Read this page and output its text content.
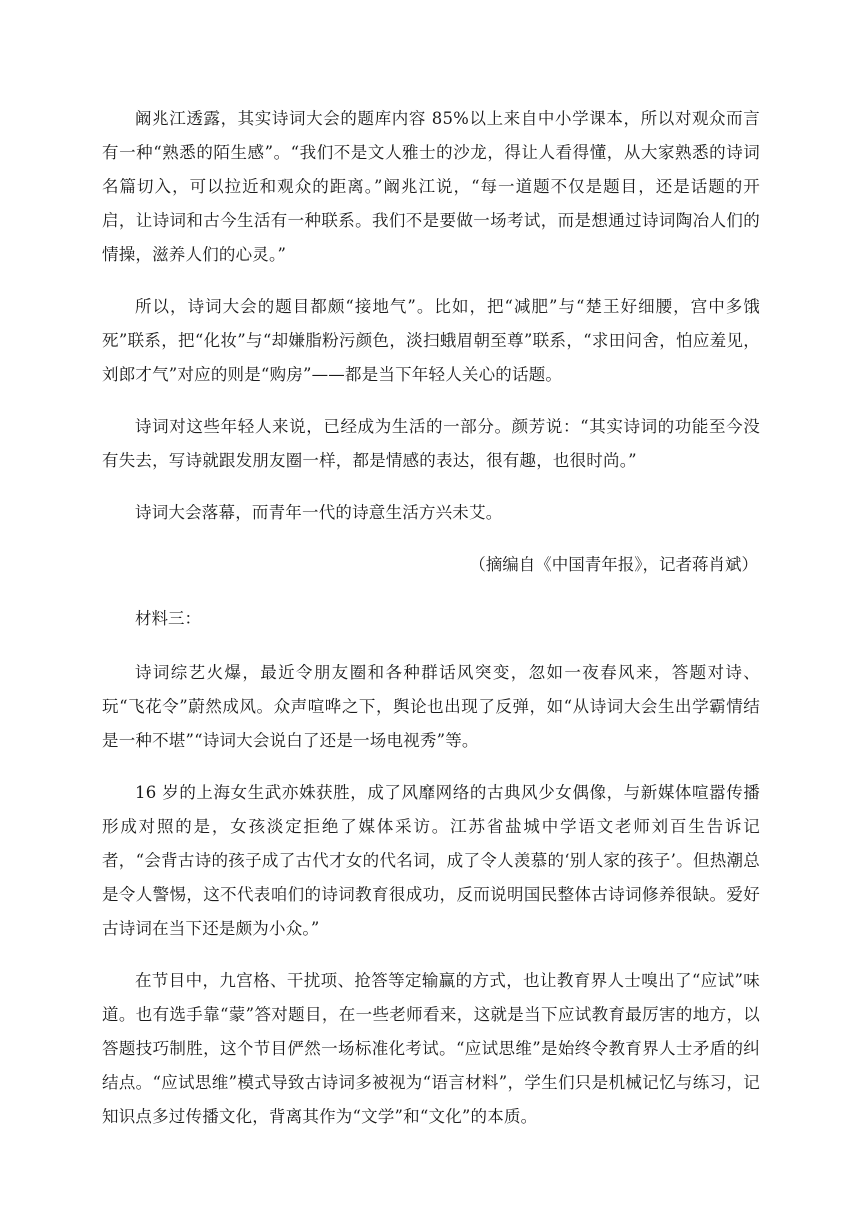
阚兆江透露，其实诗词大会的题库内容 85%以上来自中小学课本，所以对观众而言有一种“熟悉的陌生感”。“我们不是文人雅士的沙龙，得让人看得懂，从大家熟悉的诗词名篇切入，可以拉近和观众的距离。”阚兆江说，“每一道题不仅是题目，还是话题的开启，让诗词和古今生活有一种联系。我们不是要做一场考试，而是想通过诗词陶冶人们的情操，滋养人们的心灵。”

所以，诗词大会的题目都颇“接地气”。比如，把“减肥”与“楚王好细腰，宫中多饿死”联系，把“化妆”与“却嫌脂粉污颜色，淡扫蛾眉朝至尊”联系，“求田问舍，怕应羞见，刘郎才气”对应的则是“购房”——都是当下年轻人关心的话题。

诗词对这些年轻人来说，已经成为生活的一部分。颜芳说：“其实诗词的功能至今没有失去，写诗就跟发朋友圈一样，都是情感的表达，很有趣，也很时尚。”

诗词大会落幕，而青年一代的诗意生活方兴未艾。

（摘编自《中国青年报》，记者蒋肖斌）

材料三：

诗词综艺火爆，最近令朋友圈和各种群话风突变，忽如一夜春风来，答题对诗、玩“飞花令”蔚然成风。众声喧哗之下，舆论也出现了反弹，如“从诗词大会生出学霸情结是一种不堪”“诗词大会说白了还是一场电视秀”等。

16 岁的上海女生武亦姝获胜，成了风靡网络的古典风少女偶像，与新媒体喧嚣传播形成对照的是，女孩淡定拒绝了媒体采访。江苏省盐城中学语文老师刘百生告诉记者，“会背古诗的孩子成了古代才女的代名词，成了令人羡慕的‘别人家的孩子’。但热潮总是令人警惕，这不代表咱们的诗词教育很成功，反而说明国民整体古诗词修养很缺。爱好古诗词在当下还是颇为小众。”

在节目中，九宫格、干扰项、抢答等定输赢的方式，也让教育界人士嗅出了“应试”味道。也有选手靠“蒙”答对题目，在一些老师看来，这就是当下应试教育最厉害的地方，以答题技巧制胜，这个节目俨然一场标准化考试。“应试思维”是始终令教育界人士矛盾的纠结点。“应试思维”模式导致古诗词多被视为“语言材料”，学生们只是机械记忆与练习，记知识点多过传播文化，背离其作为“文学”和“文化”的本质。
